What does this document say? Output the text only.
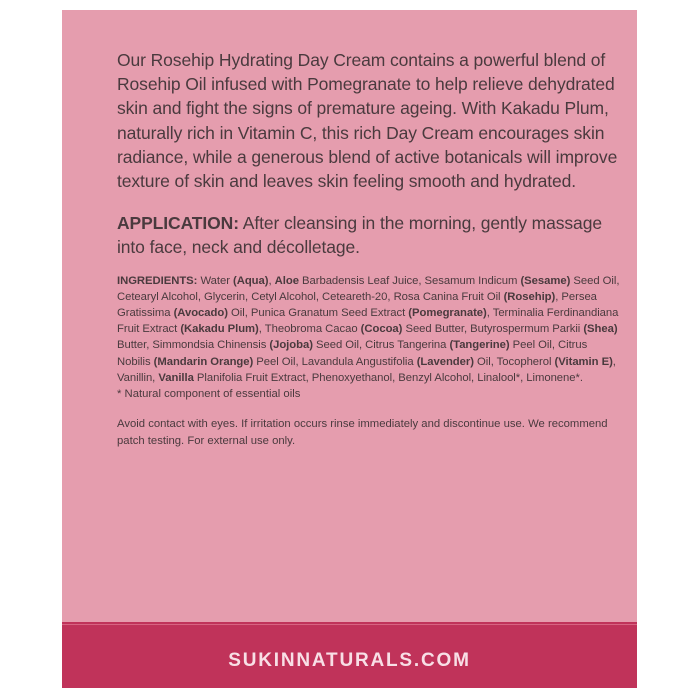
Our Rosehip Hydrating Day Cream contains a powerful blend of Rosehip Oil infused with Pomegranate to help relieve dehydrated skin and fight the signs of premature ageing. With Kakadu Plum, naturally rich in Vitamin C, this rich Day Cream encourages skin radiance, while a generous blend of active botanicals will improve texture of skin and leaves skin feeling smooth and hydrated.

APPLICATION: After cleansing in the morning, gently massage into face, neck and décolletage.

INGREDIENTS: Water (Aqua), Aloe Barbadensis Leaf Juice, Sesamum Indicum (Sesame) Seed Oil, Cetearyl Alcohol, Glycerin, Cetyl Alcohol, Ceteareth-20, Rosa Canina Fruit Oil (Rosehip), Persea Gratissima (Avocado) Oil, Punica Granatum Seed Extract (Pomegranate), Terminalia Ferdinandiana Fruit Extract (Kakadu Plum), Theobroma Cacao (Cocoa) Seed Butter, Butyrospermum Parkii (Shea) Butter, Simmondsia Chinensis (Jojoba) Seed Oil, Citrus Tangerina (Tangerine) Peel Oil, Citrus Nobilis (Mandarin Orange) Peel Oil, Lavandula Angustifolia (Lavender) Oil, Tocopherol (Vitamin E), Vanillin, Vanilla Planifolia Fruit Extract, Phenoxyethanol, Benzyl Alcohol, Linalool*, Limonene*.

* Natural component of essential oils

Avoid contact with eyes. If irritation occurs rinse immediately and discontinue use. We recommend patch testing. For external use only.

SUKINNATURALS.COM
